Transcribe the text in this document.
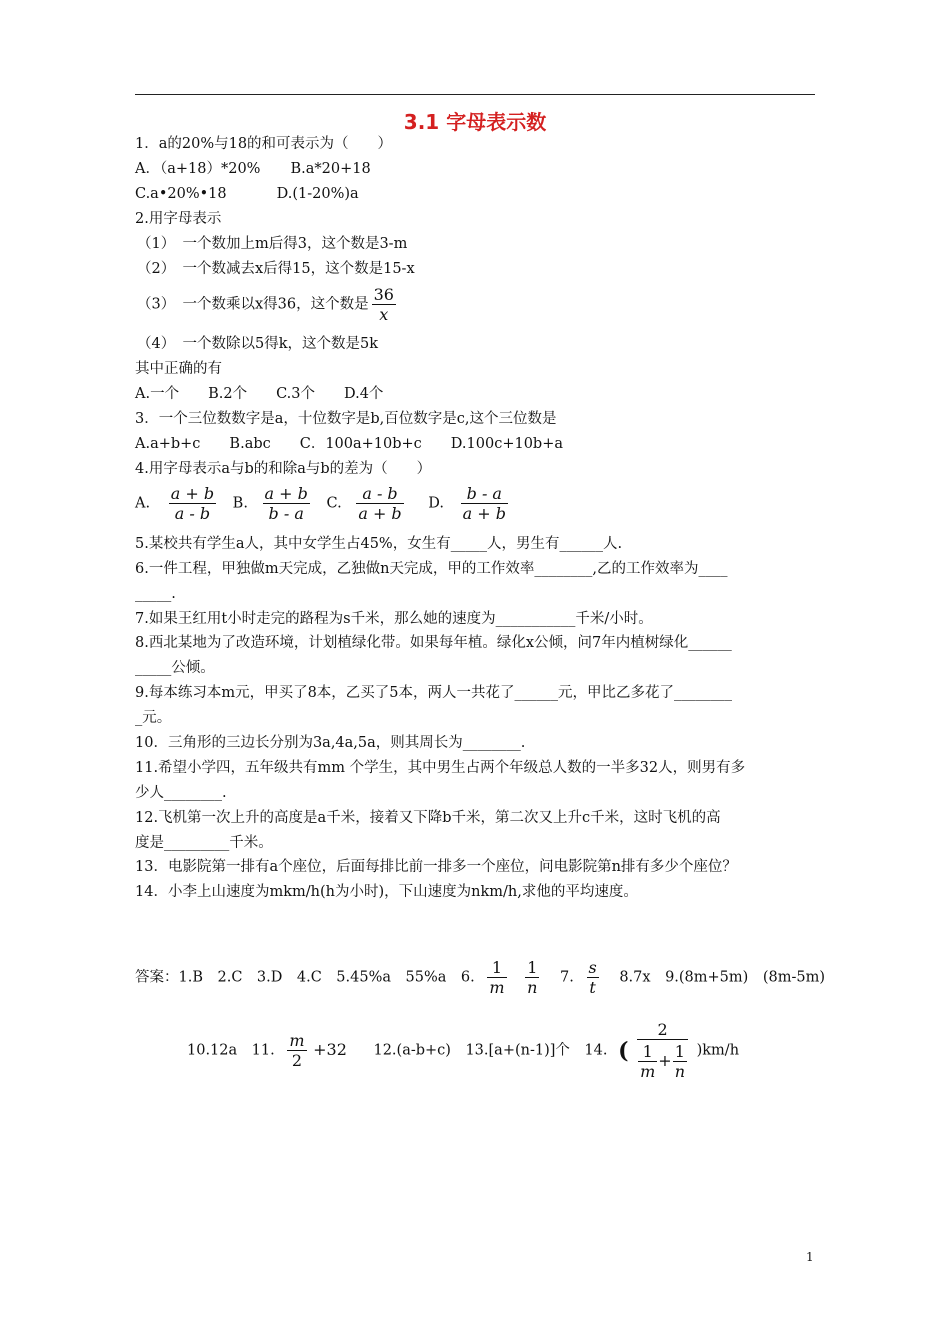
3.1 字母表示数
1．a的20%与18的和可表示为（　　）
A．（a+18）*20% B.a*20+18
C.a•20%•18	D.(1-20%)a
2.用字母表示
（1）　一个数加上m后得3，这个数是3-m
（2）　一个数减去x后得15，这个数是15-x
（3）　一个数乘以x得36，这个数是 $\frac{36}{x}$
（4）　一个数除以5得k，这个数是5k
其中正确的有
A.一个　　B.2个　　C.3个　　D.4个
3．一个三位数数字是a，十位数字是b,百位数字是c,这个三位数是
A.a+b+c　　B.abc　　C．100a+10b+c　　D.100c+10b+a
4.用字母表示a与b的和除a与b的差为（　　）
A. $\frac{a + b}{a - b} B$. $\frac{a + b}{b - a} C$. $\frac{a - b}{a + b} D$. $\frac{b - a}{a + b}$
5.某校共有学生a人，其中女学生占45%，女生有_____人，男生有______人.
6.一件工程，甲独做m天完成，乙独做n天完成，甲的工作效率________,乙的工作效率为____
_____.
7.如果王红用t小时走完的路程为s千米，那么她的速度为___________千米/小时。
8.西北某地为了改造环境，计划植绿化带。如果每年植。绿化x公倾，问7年内植树绿化______
_____公倾。
9.每本练习本m元，甲买了8本，乙买了5本，两人一共花了______元，甲比乙多花了________
_元。
10．三角形的三边长分别为3a,4a,5a，则其周长为________.
11.希望小学四，五年级共有mm 个学生，其中男生占两个年级总人数的一半多32人，则男有多
少人________.
12.飞机第一次上升的高度是a千米，接着又下降b千米，第二次又上升c千米，这时飞机的高
度是_________千米。
13．电影院第一排有a个座位，后面每排比前一排多一个座位，问电影院第n排有多少个座位？
14．小李上山速度为mkm/h(h为小时)，下山速度为nkm/h,求他的平均速度。
答案：1.B　2.C　3.D　4.C　5.45%a　55%a　6. $\frac{1}{m}$
$\frac{1}{n} 7$. $\frac{s}{t} 8.7x$　9.(8m+5m)　(8m-5m)
10.12a　11. $\frac{m}{2} +32$ 12.(a-b+c)　13.[a+(n-1)]个　14. ( $\frac{2}{\frac{1}{m} + \frac{1}{n}} )km/h$
1
